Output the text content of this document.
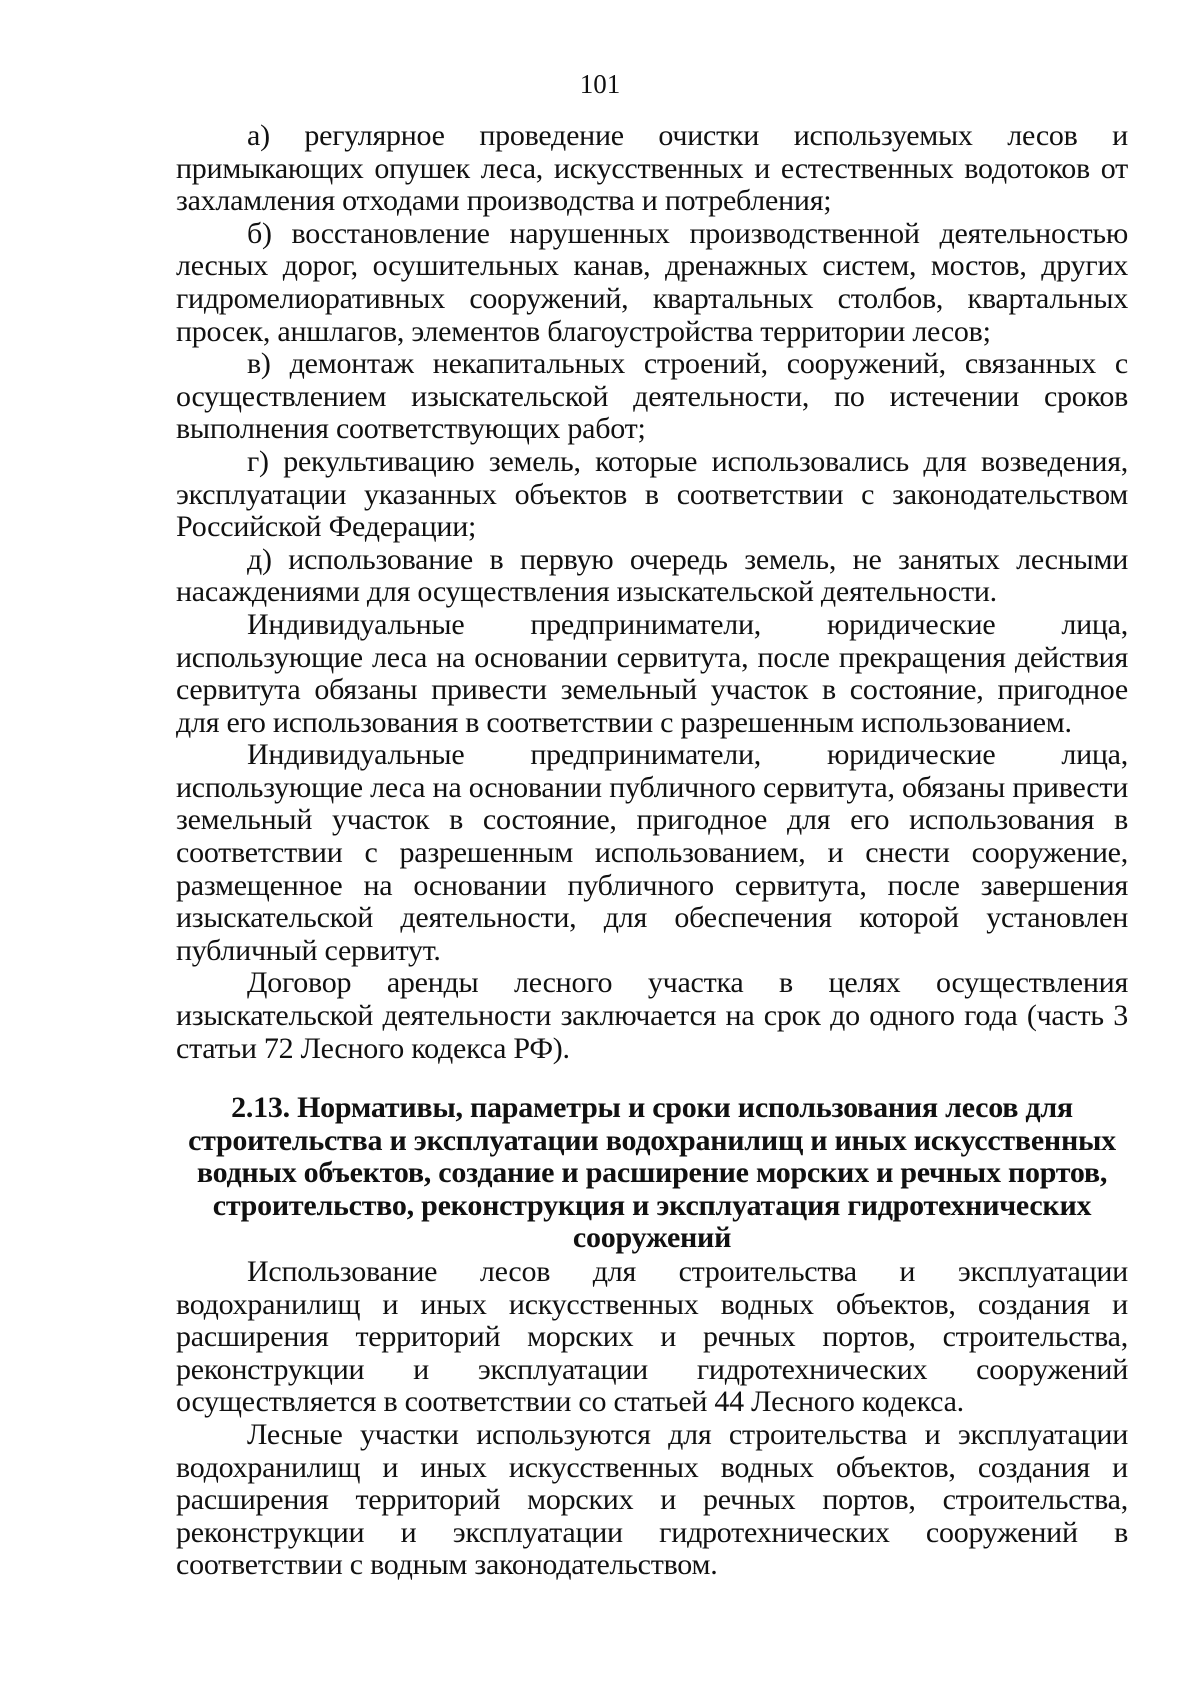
101

а) регулярное проведение очистки используемых лесов и примыкающих опушек леса, искусственных и естественных водотоков от захламления отходами производства и потребления;

б) восстановление нарушенных производственной деятельностью лесных дорог, осушительных канав, дренажных систем, мостов, других гидромелиоративных сооружений, квартальных столбов, квартальных просек, аншлагов, элементов благоустройства территории лесов;

в) демонтаж некапитальных строений, сооружений, связанных с осуществлением изыскательской деятельности, по истечении сроков выполнения соответствующих работ;

г) рекультивацию земель, которые использовались для возведения, эксплуатации указанных объектов в соответствии с законодательством Российской Федерации;

д) использование в первую очередь земель, не занятых лесными насаждениями для осуществления изыскательской деятельности.

Индивидуальные предприниматели, юридические лица, использующие леса на основании сервитута, после прекращения действия сервитута обязаны привести земельный участок в состояние, пригодное для его использования в соответствии с разрешенным использованием.

Индивидуальные предприниматели, юридические лица, использующие леса на основании публичного сервитута, обязаны привести земельный участок в состояние, пригодное для его использования в соответствии с разрешенным использованием, и снести сооружение, размещенное на основании публичного сервитута, после завершения изыскательской деятельности, для обеспечения которой установлен публичный сервитут.

Договор аренды лесного участка в целях осуществления изыскательской деятельности заключается на срок до одного года (часть 3 статьи 72 Лесного кодекса РФ).

2.13. Нормативы, параметры и сроки использования лесов для строительства и эксплуатации водохранилищ и иных искусственных водных объектов, создание и расширение морских и речных портов, строительство, реконструкция и эксплуатация гидротехнических сооружений

Использование лесов для строительства и эксплуатации водохранилищ и иных искусственных водных объектов, создания и расширения территорий морских и речных портов, строительства, реконструкции и эксплуатации гидротехнических сооружений осуществляется в соответствии со статьей 44 Лесного кодекса.

Лесные участки используются для строительства и эксплуатации водохранилищ и иных искусственных водных объектов, создания и расширения территорий морских и речных портов, строительства, реконструкции и эксплуатации гидротехнических сооружений в соответствии с водным законодательством.
